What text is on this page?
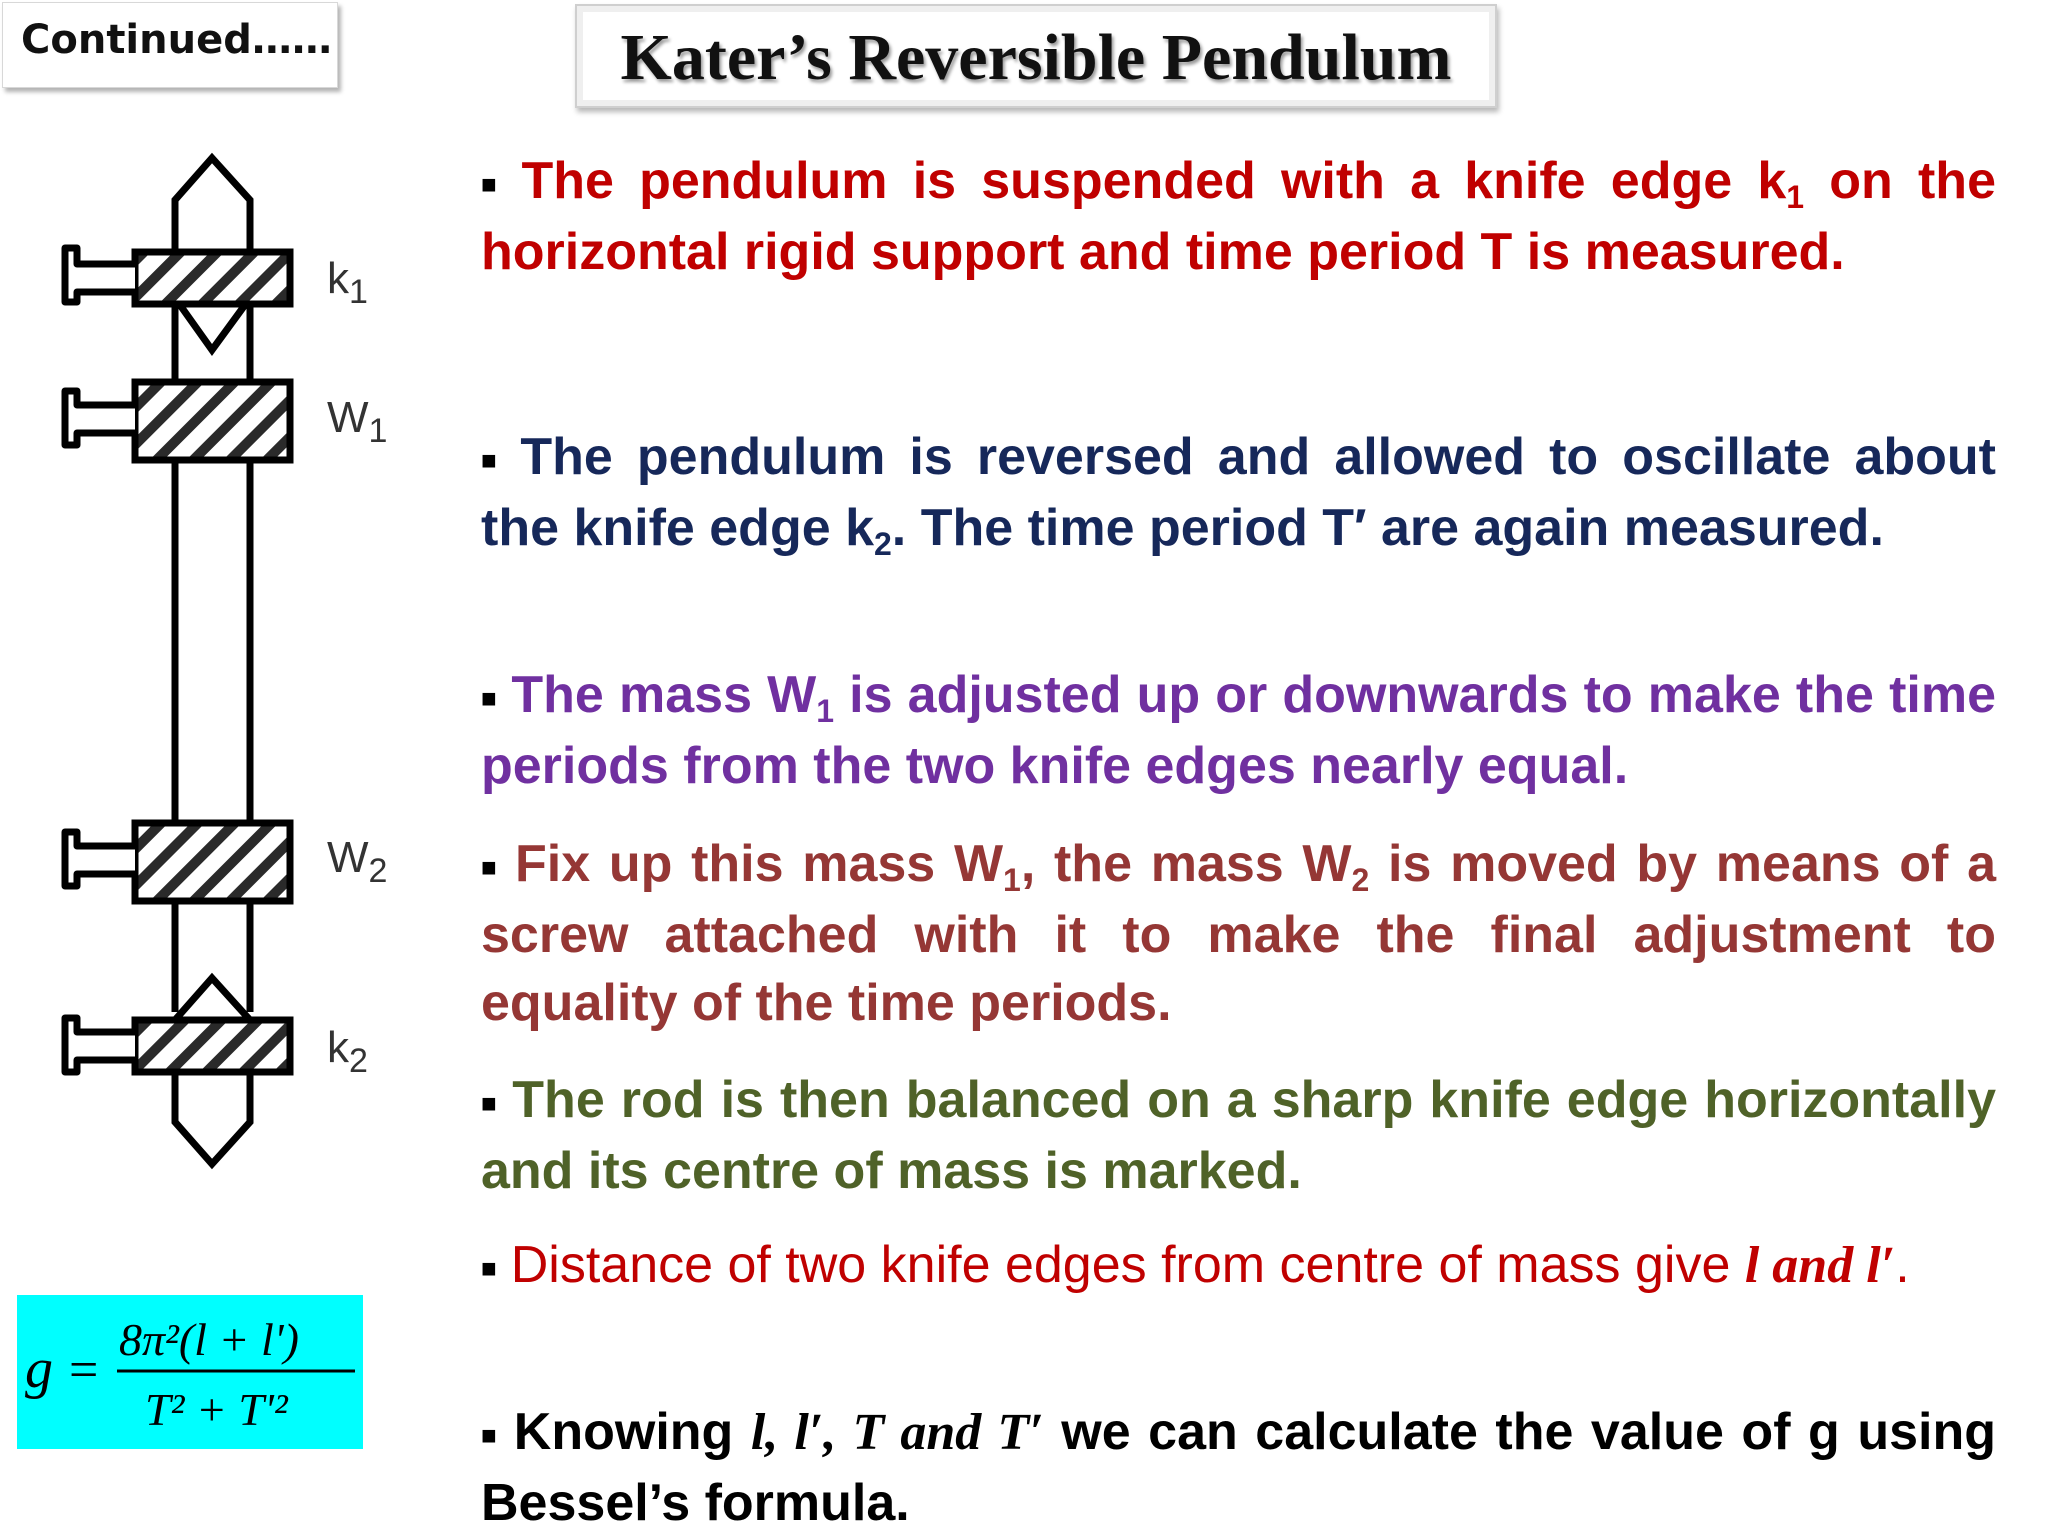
Continued……	Kater’s Reversible Pendulum
$k_1$
$W_1$
$W_2$
$k_2$
g =
8π²(l + l')
T² + T'²

■ The pendulum is suspended with a knife edge $k_1$ on the horizontal rigid support and time period T is measured.

■ The pendulum is reversed and allowed to oscillate about the knife edge $k_2$. The time period T′ are again measured.

■ The mass $W_1$ is adjusted up or downwards to make the time periods from the two knife edges nearly equal.

■ Fix up this mass $W_1$, the mass $W_2$ is moved by means of a screw attached with it to make the final adjustment to equality of the time periods.

■ The rod is then balanced on a sharp knife edge horizontally and its centre of mass is marked.

■ Distance of two knife edges from centre of mass give l and l′.

■ Knowing l, l′, T and T′ we can calculate the value of g using Bessel’s formula.
